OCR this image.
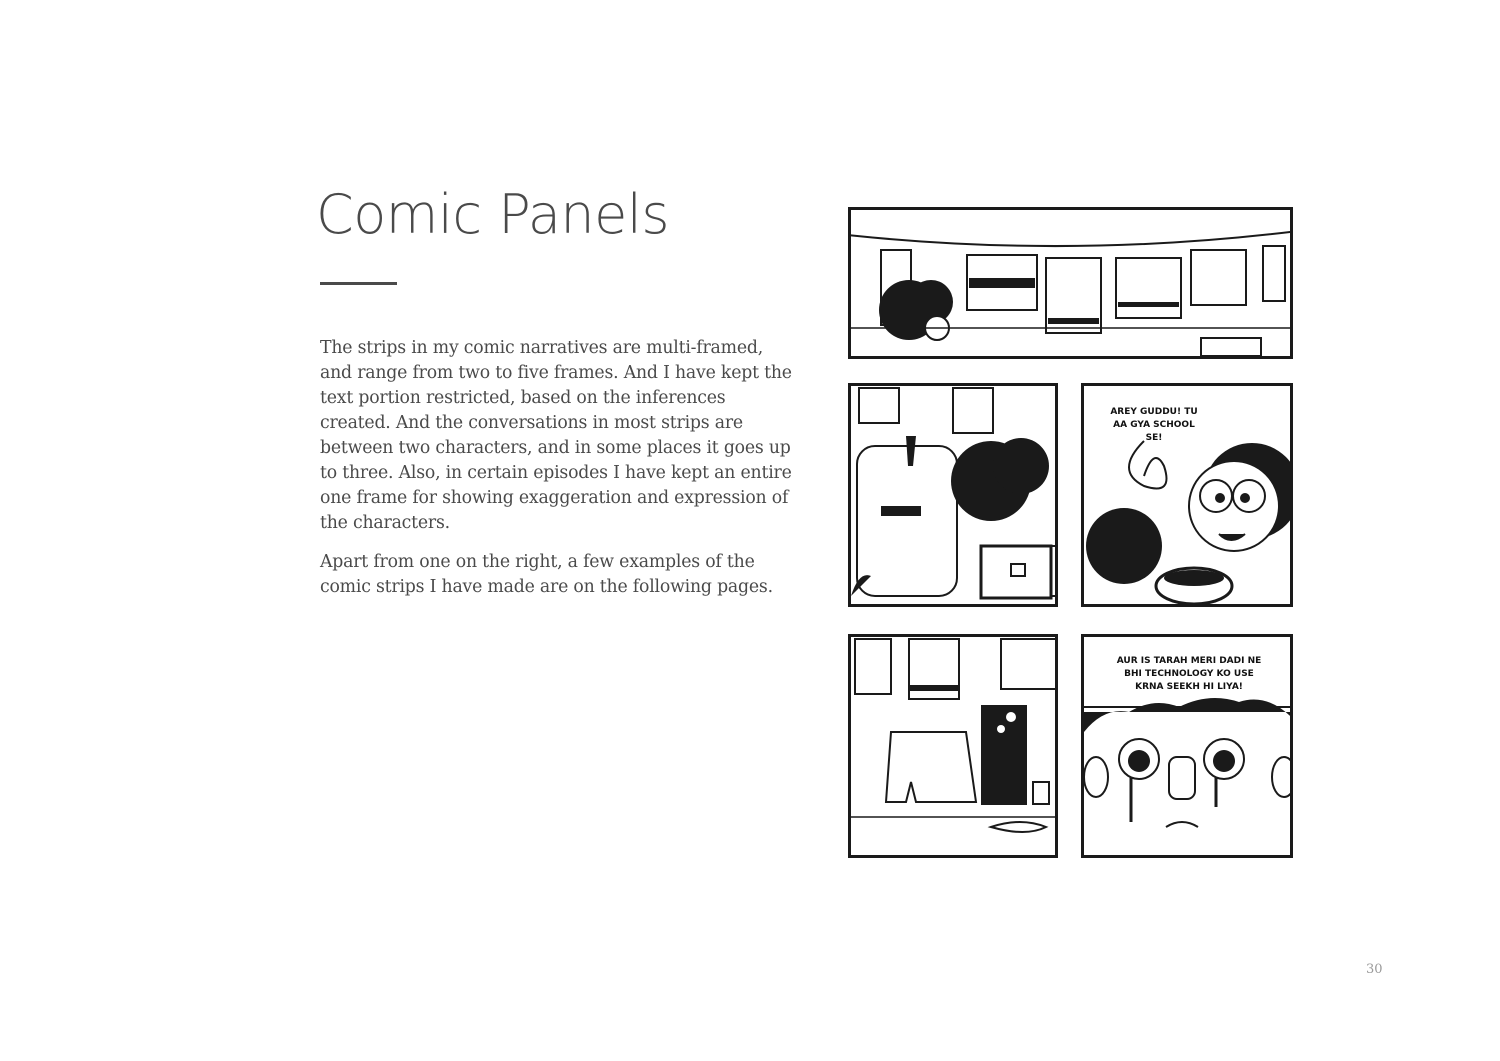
Comic Panels

The strips in my comic narratives are multi-framed, and range from two to five frames. And I have kept the text portion restricted, based on the inferences created. And the conversations in most strips are between two characters, and in some places it goes up to three. Also, in certain episodes I have kept an entire one frame for showing exaggeration and expression of the characters.

Apart from one on the right, a few examples of the comic strips I have made are on the following pages.

AREY GUDDU! TU AA GYA SCHOOL SE!
AUR IS TARAH MERI DADI NE BHI TECHNOLOGY KO USE KRNA SEEKH HI LIYA!
30
